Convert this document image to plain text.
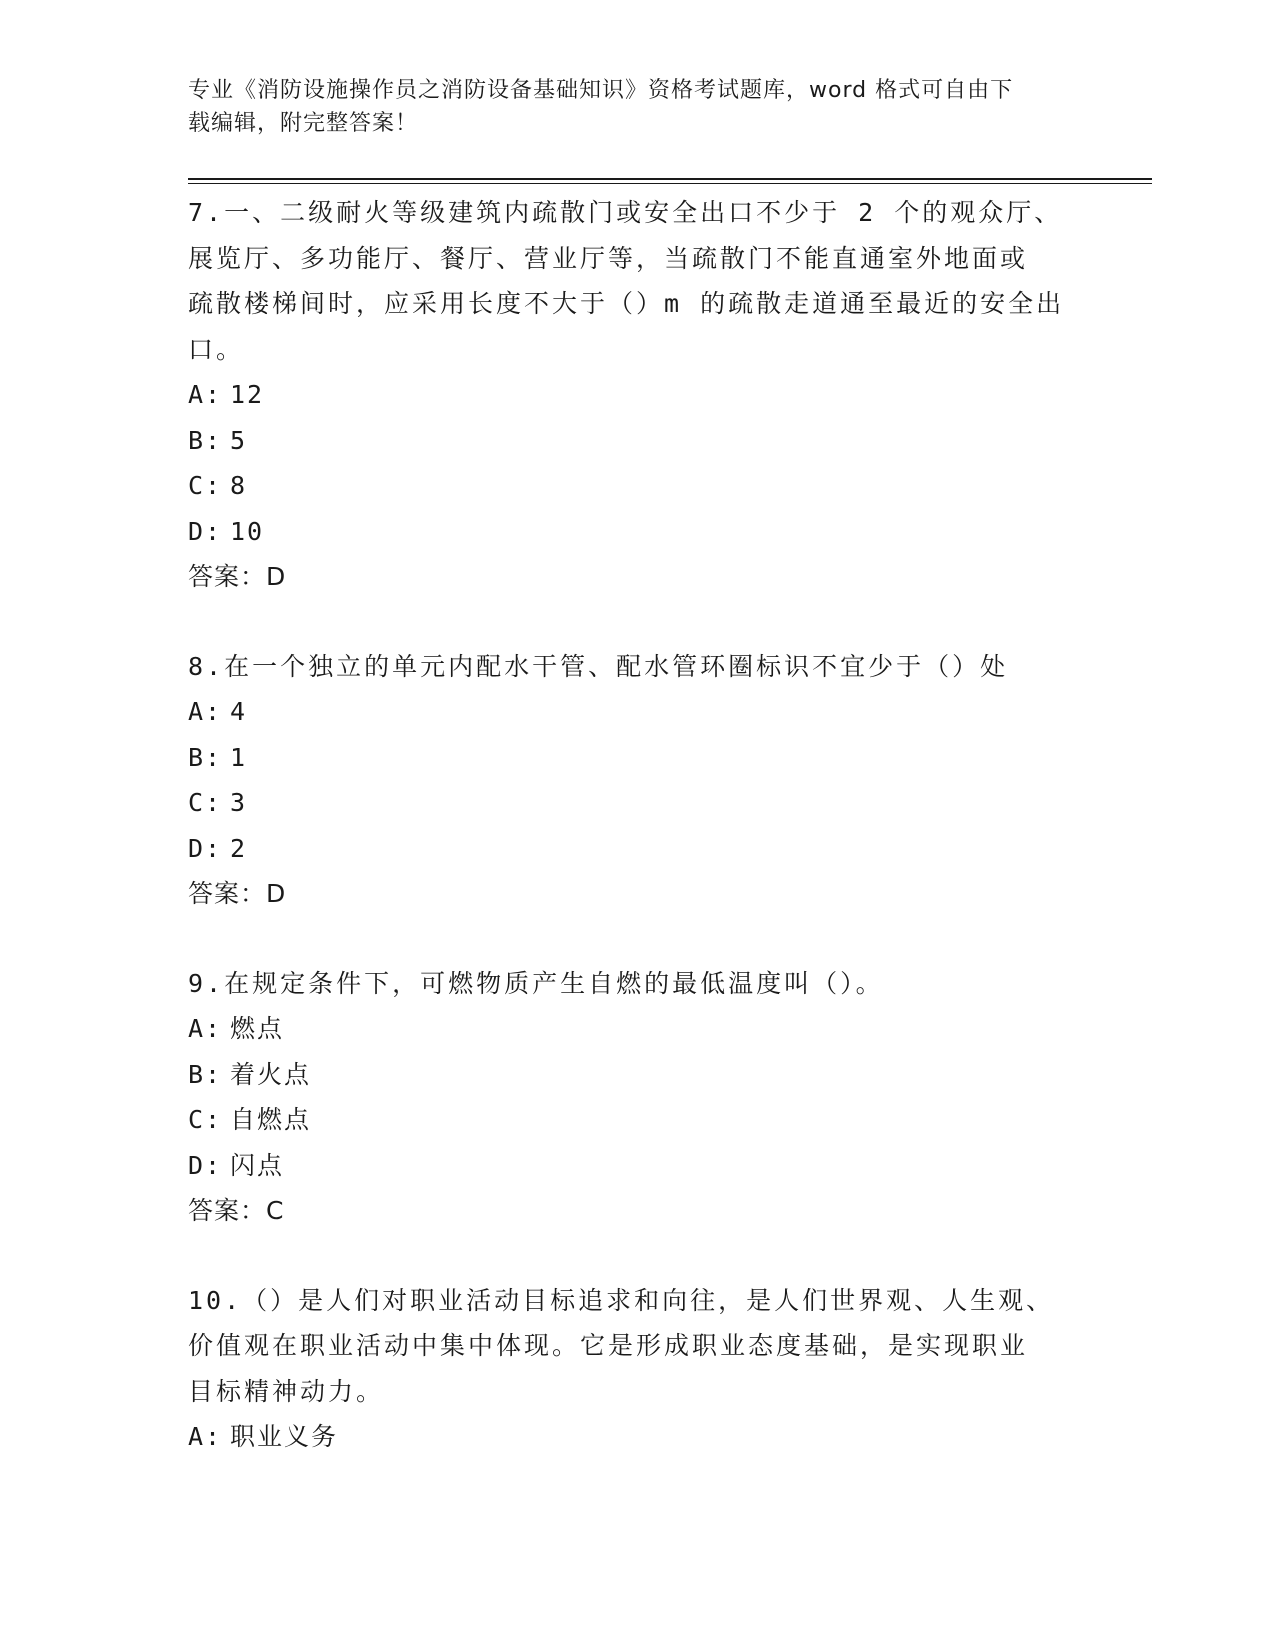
专业《消防设施操作员之消防设备基础知识》资格考试题库，word 格式可自由下

载编辑，附完整答案！

7.一、二级耐火等级建筑内疏散门或安全出口不少于 2 个的观众厅、

展览厅、多功能厅、餐厅、营业厅等，当疏散门不能直通室外地面或

疏散楼梯间时，应采用长度不大于（）m 的疏散走道通至最近的安全出

口。

A: 12

B: 5

C: 8

D: 10

答案：D

8.在一个独立的单元内配水干管、配水管环圈标识不宜少于（）处

A: 4

B: 1

C: 3

D: 2

答案：D

9.在规定条件下，可燃物质产生自燃的最低温度叫（）。

A: 燃点

B: 着火点

C: 自燃点

D: 闪点

答案：C

10.（）是人们对职业活动目标追求和向往，是人们世界观、人生观、

价值观在职业活动中集中体现。它是形成职业态度基础，是实现职业

目标精神动力。

A: 职业义务
